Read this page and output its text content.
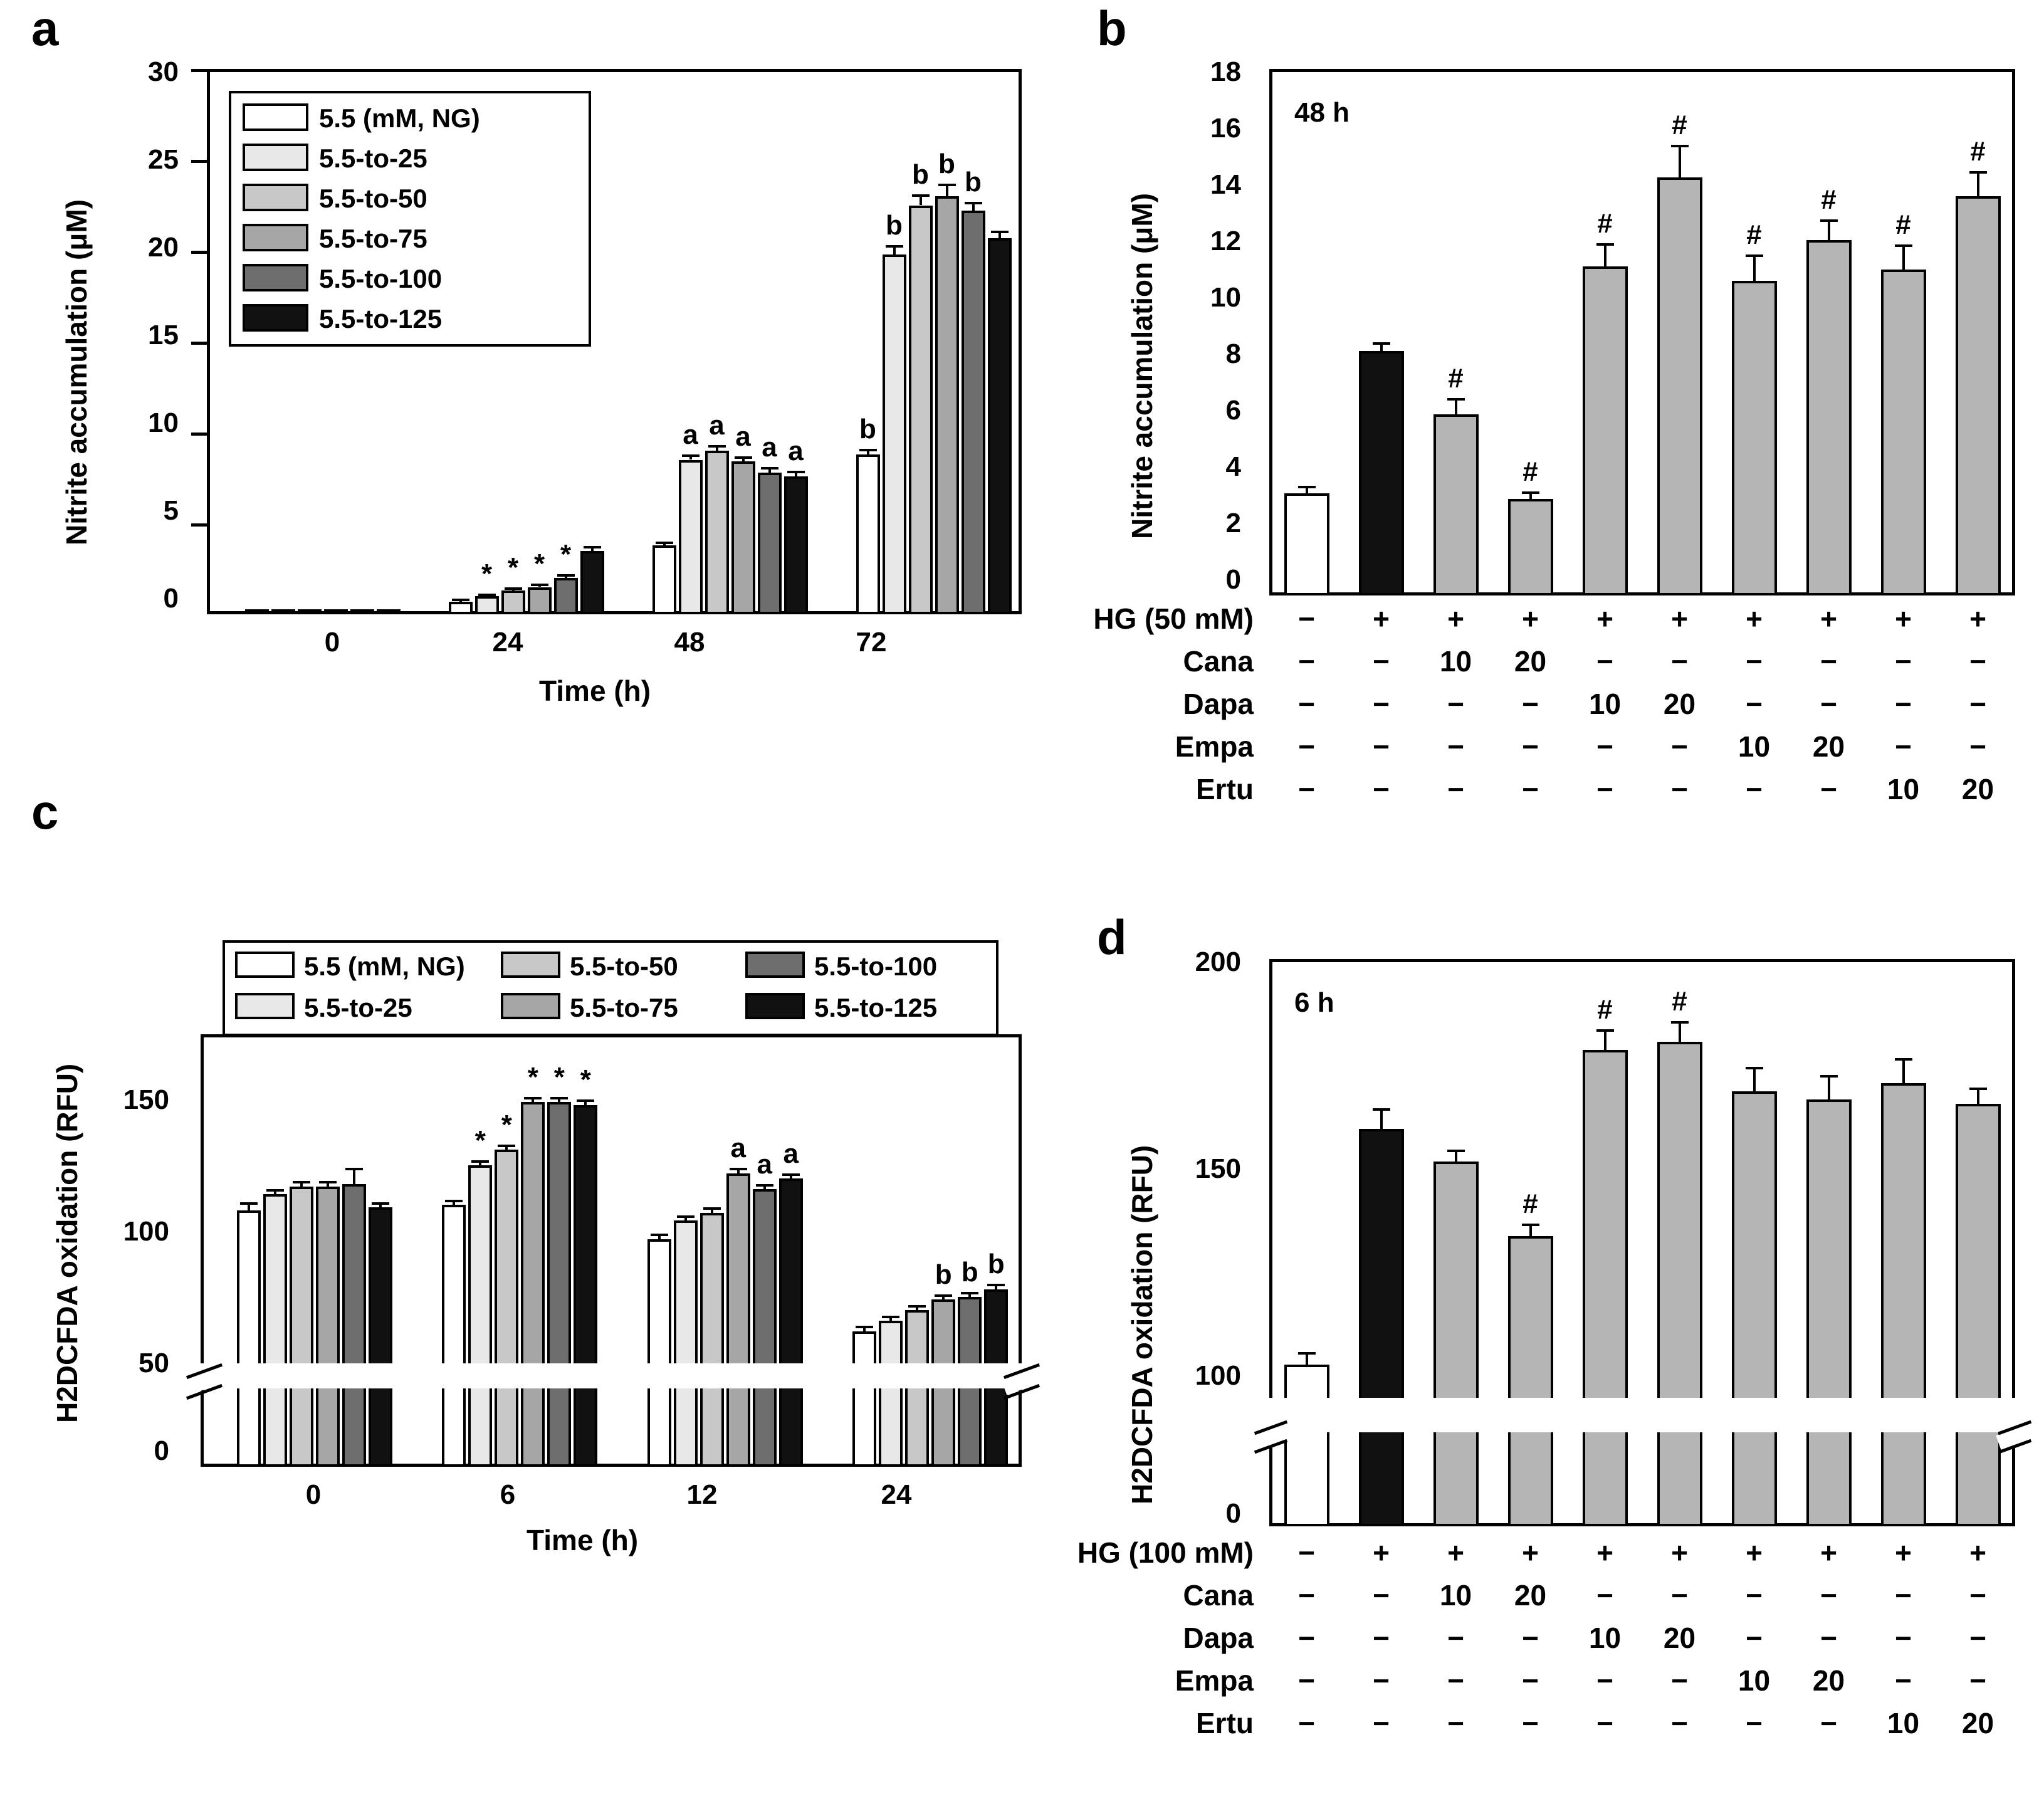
a
Nitrite accumulation (μM)
30
25
20
15
10
5
0
5.5 (mM, NG)
5.5-to-25
5.5-to-50
5.5-to-75
5.5-to-100
5.5-to-125
* * * *
a a a a a
b
b
b b
b
0	24	48	72
Time (h)
b
Nitrite accumulation (μM)
18
16
14
12
10
8
6
4
2
0
48 h
#
#
#
#
#
#
#
#
HG (50 mM)	−	+	+	+	+	+	+	+	+	+
Cana	−	−	10	20	−	−	−	−	−	−
Dapa	−	−	−	−	10	20	−	−	−	−
Empa	−	−	−	−	−	−	10	20	−	−
Ertu	−	−	−	−	−	−	−	−	10	20
c
H2DCFDA oxidation (RFU)	150
100
50
0
5.5 (mM, NG)	5.5-to-50	5.5-to-100
5.5-to-25	5.5-to-75	5.5-to-125
*
*
* * *
a
a a
b b b
0	6	12	24
Time (h)
d
H2DCFDA oxidation (RFU)
200
150
100
0
6 h
#
# #
HG (100 mM)	−	+	+	+	+	+	+	+	+	+
Cana	−	−	10	20	−	−	−	−	−	−
Dapa	−	−	−	−	10	20	−	−	−	−
Empa	−	−	−	−	−	−	10	20	−	−
Ertu	−	−	−	−	−	−	−	−	10	20
